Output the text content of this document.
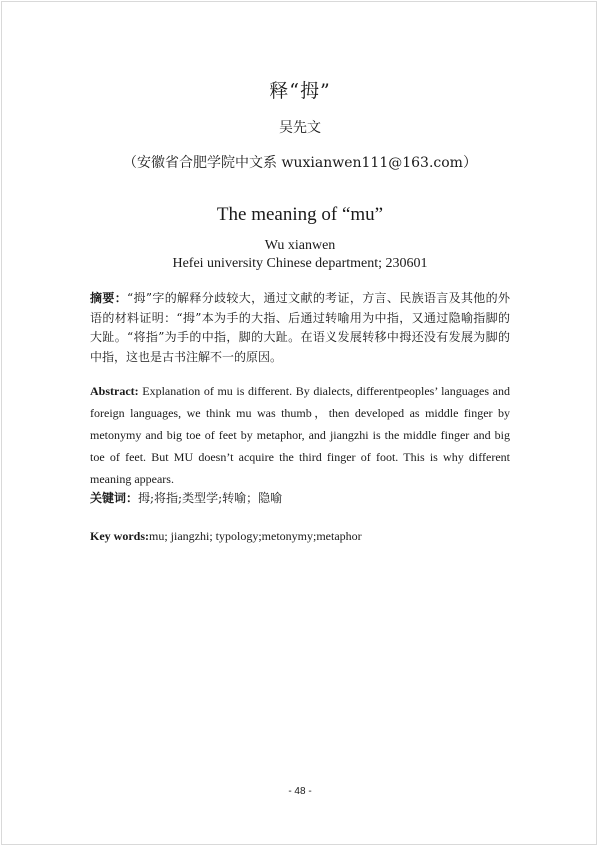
释“拇”
吴先文
（安徽省合肥学院中文系 wuxianwen111@163.com）
The meaning of “mu”
Wu xianwen
Hefei university Chinese department; 230601
摘要：“拇”字的解释分歧较大，通过文献的考证，方言、民族语言及其他的外语的材料证明：“拇”本为手的大指、后通过转喻用为中指，又通过隐喻指脚的大趾。“将指”为手的中指，脚的大趾。在语义发展转移中拇还没有发展为脚的中指，这也是古书注解不一的原因。
Abstract: Explanation of mu is different. By dialects, differentpeoples’ languages and foreign languages, we think mu was thumb，then developed as middle finger by metonymy and big toe of feet by metaphor, and jiangzhi is the middle finger and big toe of feet. But MU doesn’t acquire the third finger of foot. This is why different meaning appears.
关键词：拇;将指;类型学;转喻；隐喻
Key words:mu; jiangzhi; typology;metonymy;metaphor
- 48 -
